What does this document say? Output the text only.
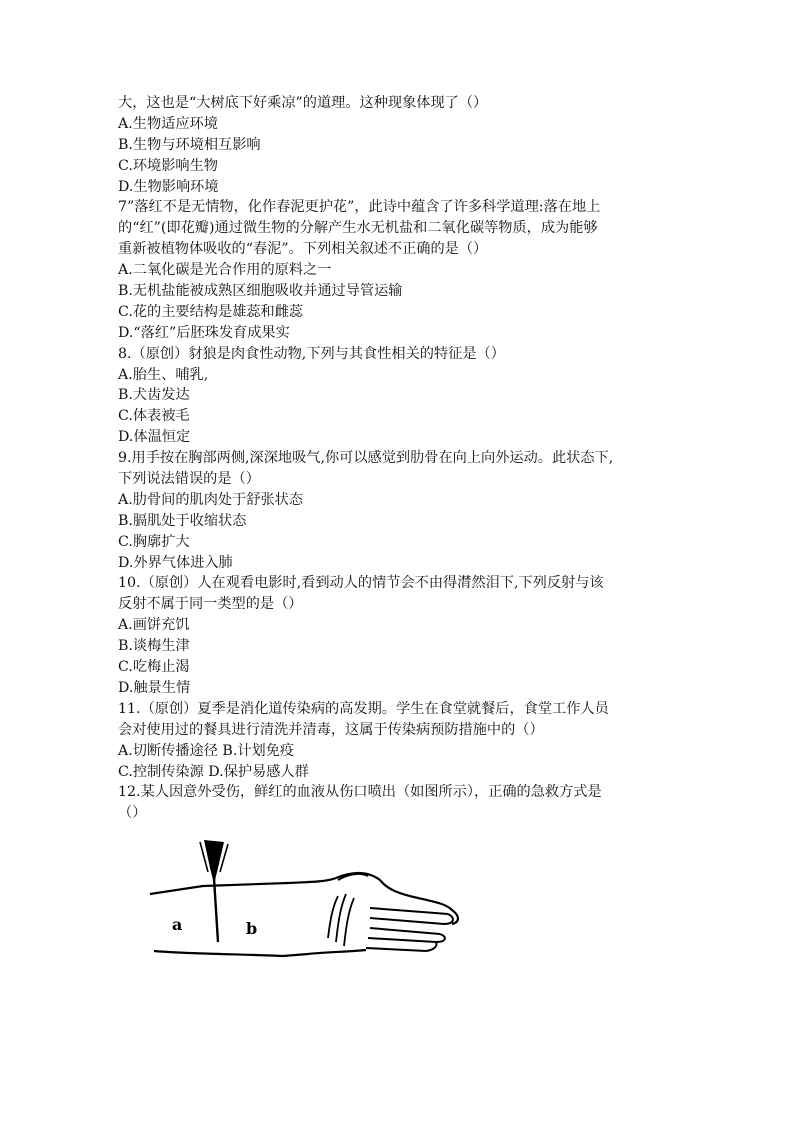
大，这也是“大树底下好乘凉”的道理。这种现象体现了（）
A.生物适应环境
B.生物与环境相互影响
C.环境影响生物
D.生物影响环境
7”落红不是无情物，化作春泥更护花”，此诗中蕴含了许多科学道理:落在地上
的“红”(即花瓣)通过微生物的分解产生水无机盐和二氧化碳等物质，成为能够
重新被植物体吸收的“春泥”。下列相关叙述不正确的是（）
A.二氧化碳是光合作用的原料之一
B.无机盐能被成熟区细胞吸收并通过导管运输
C.花的主要结构是雄蕊和雌蕊
D.“落红”后胚珠发育成果实
8.（原创）豺狼是肉食性动物,下列与其食性相关的特征是（）
A.胎生、哺乳,
B.犬齿发达
C.体表被毛
D.体温恒定
9.用手按在胸部两侧,深深地吸气,你可以感觉到肋骨在向上向外运动。此状态下,
下列说法错误的是（）
A.肋骨间的肌肉处于舒张状态
B.膈肌处于收缩状态
C.胸廓扩大
D.外界气体进入肺
10.（原创）人在观看电影时,看到动人的情节会不由得潸然泪下,下列反射与该
反射不属于同一类型的是（）
A.画饼充饥
B.谈梅生津
C.吃梅止渴
D.触景生情
11.（原创）夏季是消化道传染病的高发期。学生在食堂就餐后，食堂工作人员
会对使用过的餐具进行清洗并清毒，这属于传染病预防措施中的（）
A.切断传播途径 B.计划免疫
C.控制传染源 D.保护易感人群
12.某人因意外受伤，鲜红的血液从伤口喷出（如图所示），正确的急救方式是
（）
a	b
